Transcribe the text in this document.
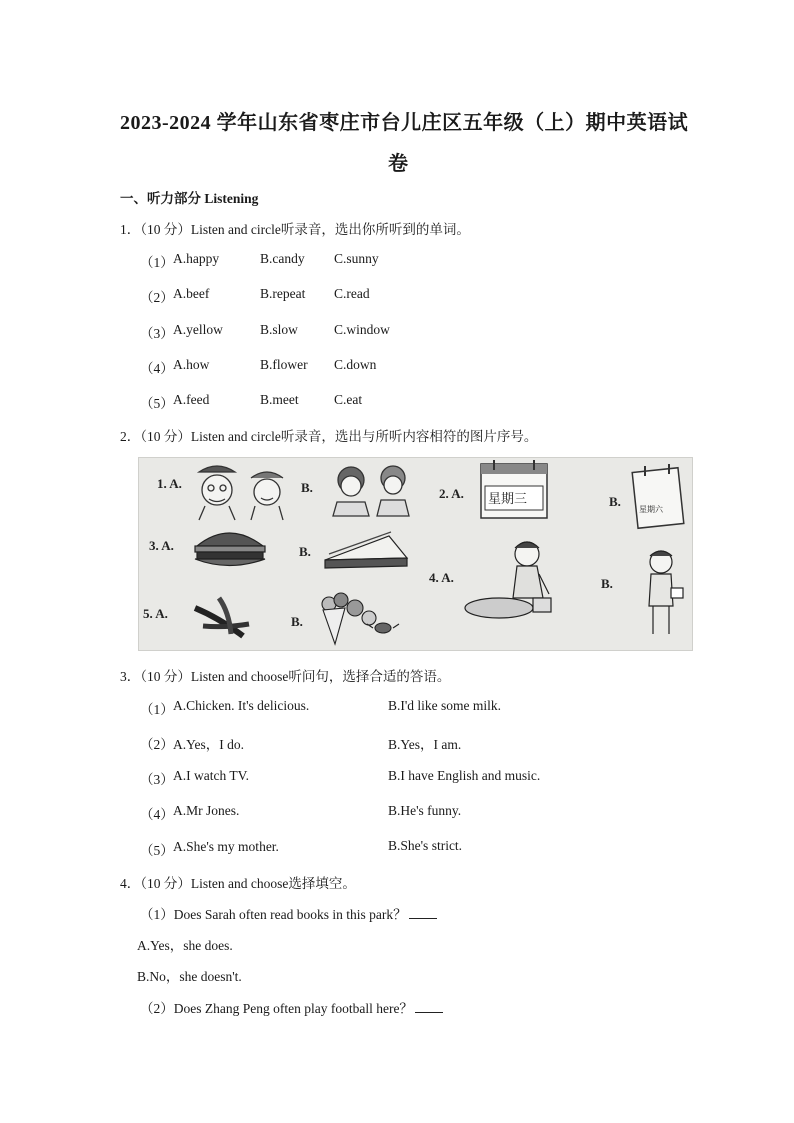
2023-2024 学年山东省枣庄市台儿庄区五年级（上）期中英语试
卷
一、听力部分 Listening
1．（10 分）Listen and circle听录音，选出你所听到的单词。
（1） A.happy	B.candy C.sunny
（2） A.beef	B.repeat C.read
（3） A.yellow	B.slow	C.window
（4） A.how	B.flower C.down
（5） A.feed	B.meet	C.eat
2．（10 分）Listen and circle听录音，选出与所听内容相符的图片序号。
1. A.	B.	2. A.
B.
3. A.	B.
4. A.	B.
5. A.
B.
星期三
星期六
3．（10 分）Listen and choose听问句，选择合适的答语。
（1） A.Chicken. It's delicious.	B.I'd like some milk.
（2） A.Yes，I do.	B.Yes，I am.
（3） A.I watch TV.	B.I have English and music.
（4） A.Mr Jones.	B.He's funny.
（5） A.She's my mother.	B.She's strict.
4．（10 分）Listen and choose选择填空。
（1）Does Sarah often read books in this park？
A.Yes，she does.
B.No，she doesn't.
（2）Does Zhang Peng often play football here？
